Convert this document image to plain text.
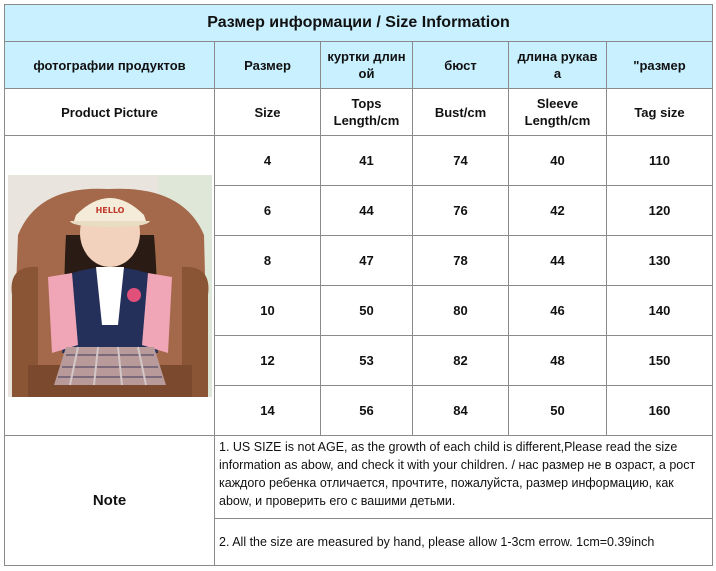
Размер информации / Size Information					
фотографии продуктов	Размер	куртки длин ой	бюст	длина рукав а	"размер
Product Picture	Size	Tops Length/cm	Bust/cm	Sleeve Length/cm	Tag size

HELLO	4	41	74	40	110
	6	44	76	42	120
	8	47	78	44	130
	10	50	80	46	140
	12	53	82	48	150
	14	56	84	50	160
Note	1. US SIZE is not AGE, as the growth of each child is different,Please read the size information as abow, and check it with your children. / нас размер не в озраст, а рост каждого ребенка отличается, прочтите, пожалуйста, размер информацию, как abow, и проверить его с вашими детьми.				
	2. All the size are measured by hand, please allow 1-3cm errow. 1cm=0.39inch				
